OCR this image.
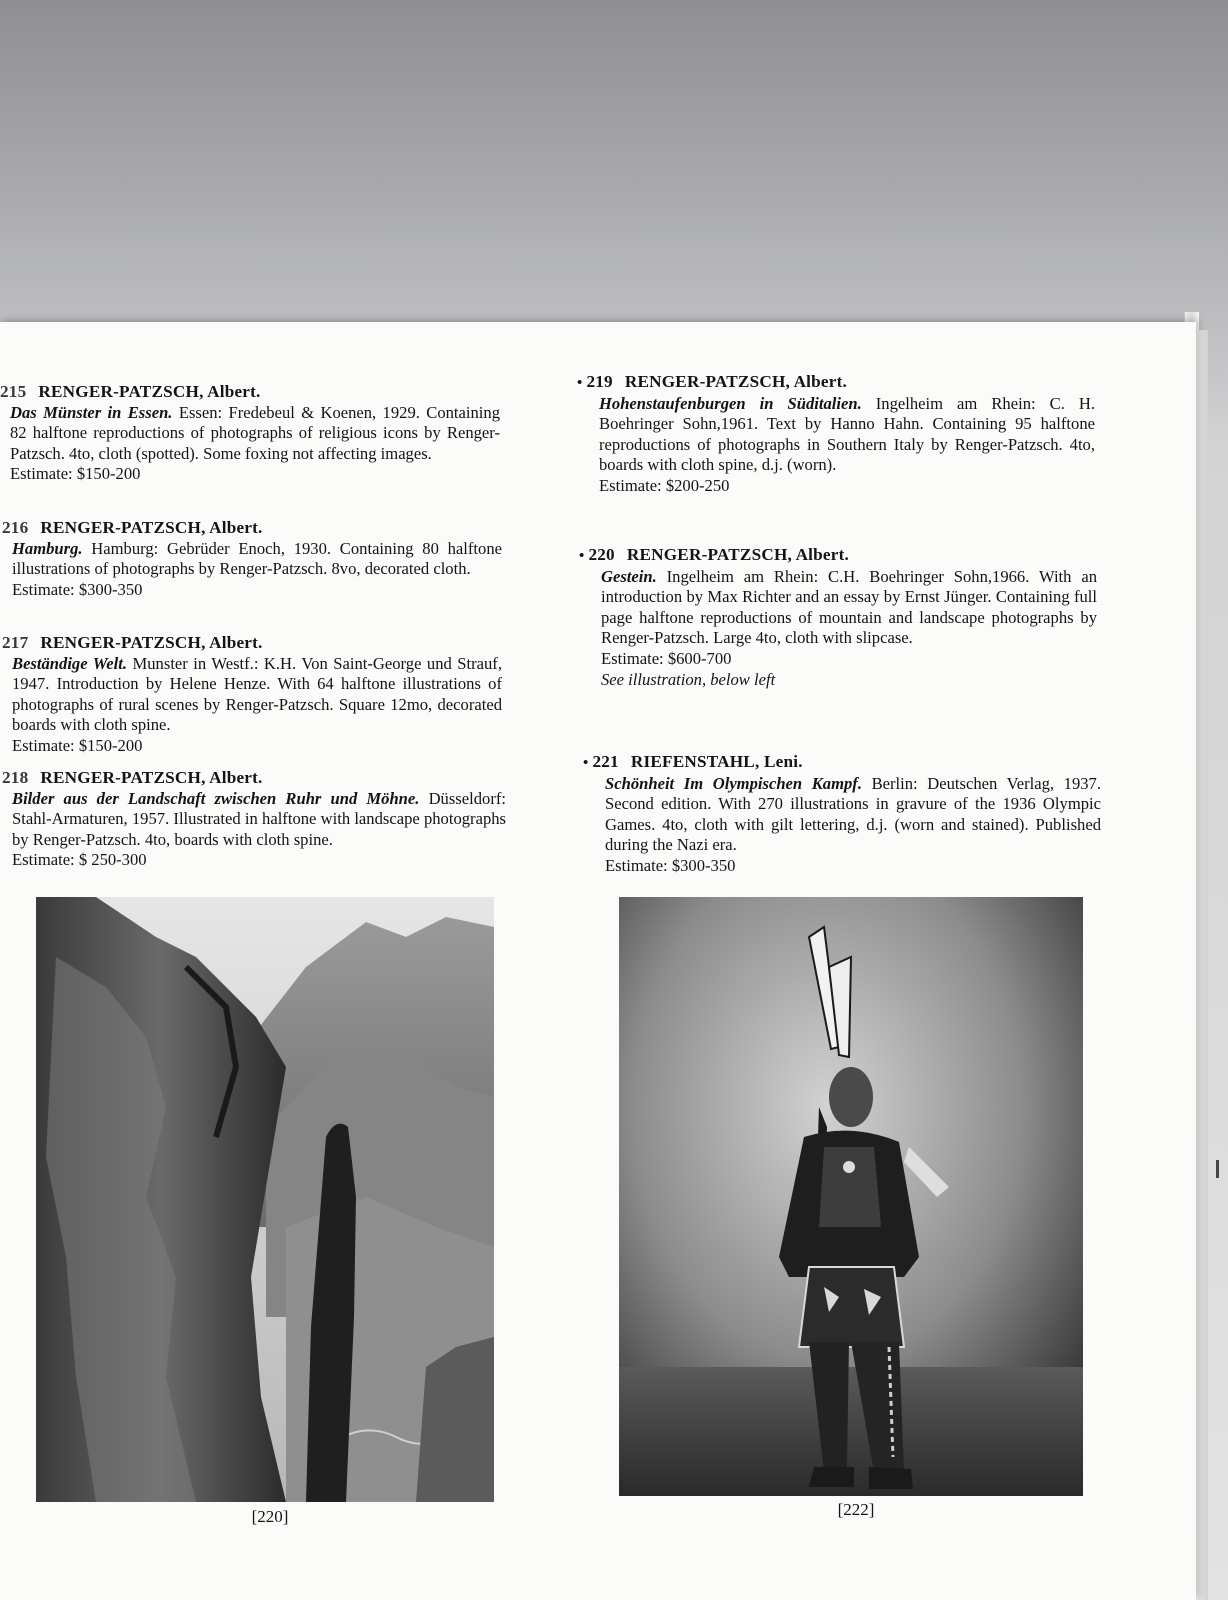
215 RENGER-PATZSCH, Albert.
Das Münster in Essen. Essen: Fredebeul & Koenen, 1929. Containing 82 halftone reproductions of photographs of religious icons by Renger-Patzsch. 4to, cloth (spotted). Some foxing not affecting images.
Estimate: $150-200
216 RENGER-PATZSCH, Albert.
Hamburg. Hamburg: Gebrüder Enoch, 1930. Containing 80 halftone illustrations of photographs by Renger-Patzsch. 8vo, decorated cloth.
Estimate: $300-350
217 RENGER-PATZSCH, Albert.
Beständige Welt. Munster in Westf.: K.H. Von Saint-George und Strauf, 1947. Introduction by Helene Henze. With 64 halftone illustrations of photographs of rural scenes by Renger-Patzsch. Square 12mo, decorated boards with cloth spine.
Estimate: $150-200
218 RENGER-PATZSCH, Albert.
Bilder aus der Landschaft zwischen Ruhr und Möhne. Düsseldorf: Stahl-Armaturen, 1957. Illustrated in halftone with landscape photographs by Renger-Patzsch. 4to, boards with cloth spine.
Estimate: $ 250-300
• 219 RENGER-PATZSCH, Albert.
Hohenstaufenburgen in Süditalien. Ingelheim am Rhein: C. H. Boehringer Sohn,1961. Text by Hanno Hahn. Containing 95 halftone reproductions of photographs in Southern Italy by Renger-Patzsch. 4to, boards with cloth spine, d.j. (worn).
Estimate: $200-250
• 220 RENGER-PATZSCH, Albert.
Gestein. Ingelheim am Rhein: C.H. Boehringer Sohn,1966. With an introduction by Max Richter and an essay by Ernst Jünger. Containing full page halftone reproductions of mountain and landscape photographs by Renger-Patzsch. Large 4to, cloth with slipcase.
Estimate: $600-700
See illustration, below left
• 221 RIEFENSTAHL, Leni.
Schönheit Im Olympischen Kampf. Berlin: Deutschen Verlag, 1937. Second edition. With 270 illustrations in gravure of the 1936 Olympic Games. 4to, cloth with gilt lettering, d.j. (worn and stained). Published during the Nazi era.
Estimate: $300-350
[220]	[222]
